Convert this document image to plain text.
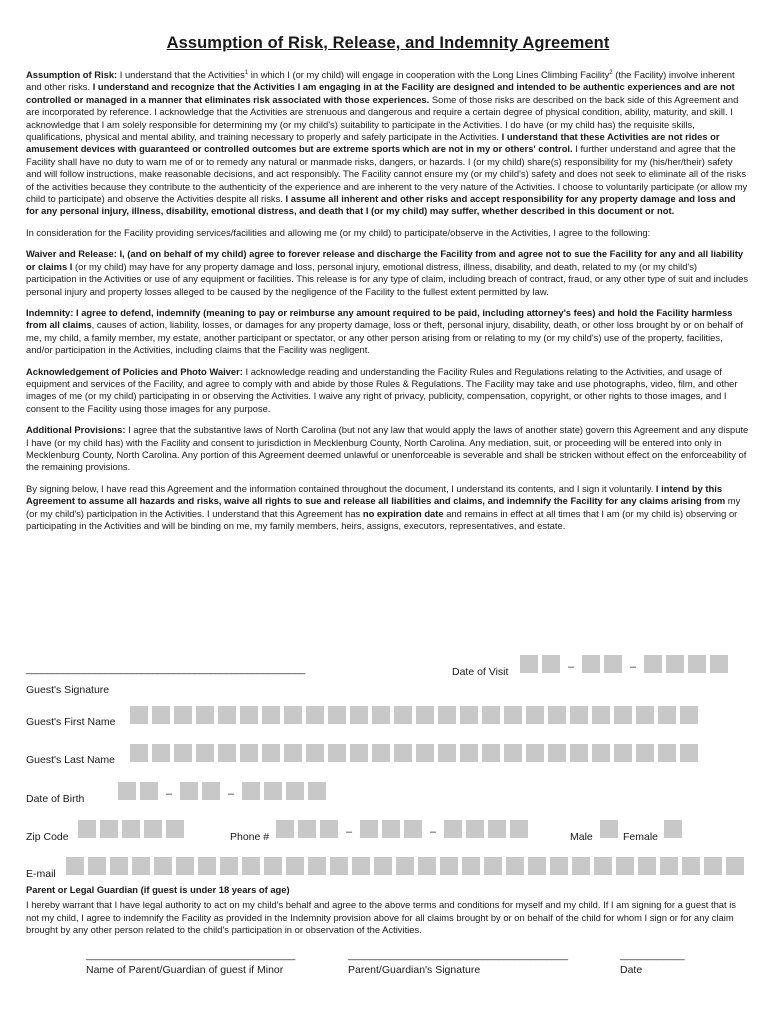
Assumption of Risk, Release, and Indemnity Agreement

Assumption of Risk: I understand that the Activities$^1$ in which I (or my child) will engage in cooperation with the Long Lines Climbing Facility$^2$ (the Facility) involve inherent and other risks. I understand and recognize that the Activities I am engaging in at the Facility are designed and intended to be authentic experiences and are not controlled or managed in a manner that eliminates risk associated with those experiences. Some of those risks are described on the back side of this Agreement and are incorporated by reference. I acknowledge that the Activities are strenuous and dangerous and require a certain degree of physical condition, ability, maturity, and skill. I acknowledge that I am solely responsible for determining my (or my child's) suitability to participate in the Activities. I do have (or my child has) the requisite skills, qualifications, physical and mental ability, and training necessary to properly and safely participate in the Activities. I understand that these Activities are not rides or amusement devices with guaranteed or controlled outcomes but are extreme sports which are not in my or others' control. I further understand and agree that the Facility shall have no duty to warn me of or to remedy any natural or manmade risks, dangers, or hazards. I (or my child) share(s) responsibility for my (his/her/their) safety and will follow instructions, make reasonable decisions, and act responsibly. The Facility cannot ensure my (or my child's) safety and does not seek to eliminate all of the risks of the activities because they contribute to the authenticity of the experience and are inherent to the very nature of the Activities. I choose to voluntarily participate (or allow my child to participate) and observe the Activities despite all risks. I assume all inherent and other risks and accept responsibility for any property damage and loss and for any personal injury, illness, disability, emotional distress, and death that I (or my child) may suffer, whether described in this document or not.

In consideration for the Facility providing services/facilities and allowing me (or my child) to participate/observe in the Activities, I agree to the following:

Waiver and Release: I, (and on behalf of my child) agree to forever release and discharge the Facility from and agree not to sue the Facility for any and all liability or claims I (or my child) may have for any property damage and loss, personal injury, emotional distress, illness, disability, and death, related to my (or my child's) participation in the Activities or use of any equipment or facilities. This release is for any type of claim, including breach of contract, fraud, or any other type of suit and includes personal injury and property losses alleged to be caused by the negligence of the Facility to the fullest extent permitted by law.

Indemnity: I agree to defend, indemnify (meaning to pay or reimburse any amount required to be paid, including attorney's fees) and hold the Facility harmless from all claims, causes of action, liability, losses, or damages for any property damage, loss or theft, personal injury, disability, death, or other loss brought by or on behalf of me, my child, a family member, my estate, another participant or spectator, or any other person arising from or relating to my (or my child's) use of the property, facilities, and/or participation in the Activities, including claims that the Facility was negligent.

Acknowledgement of Policies and Photo Waiver: I acknowledge reading and understanding the Facility Rules and Regulations relating to the Activities, and usage of equipment and services of the Facility, and agree to comply with and abide by those Rules & Regulations. The Facility may take and use photographs, video, film, and other images of me (or my child) participating in or observing the Activities. I waive any right of privacy, publicity, compensation, copyright, or other rights to those images, and I consent to the Facility using those images for any purpose.

Additional Provisions: I agree that the substantive laws of North Carolina (but not any law that would apply the laws of another state) govern this Agreement and any dispute I have (or my child has) with the Facility and consent to jurisdiction in Mecklenburg County, North Carolina. Any mediation, suit, or proceeding will be entered into only in Mecklenburg County, North Carolina. Any portion of this Agreement deemed unlawful or unenforceable is severable and shall be stricken without effect on the enforceability of the remaining provisions.

By signing below, I have read this Agreement and the information contained throughout the document, I understand its contents, and I sign it voluntarily. I intend by this Agreement to assume all hazards and risks, waive all rights to sue and release all liabilities and claims, and indemnify the Facility for any claims arising from my (or my child's) participation in the Activities. I understand that this Agreement has no expiration date and remains in effect at all times that I am (or my child is) observing or participating in the Activities and will be binding on me, my family members, heirs, assigns, executors, representatives, and estate.

_____________________________________________________
Guest's Signature
Date of Visit	–	–
Guest's First Name
Guest's Last Name
Date of Birth	–	–
Zip Code	Phone #	–	–	Male	Female
E-mail

Parent or Legal Guardian (if guest is under 18 years of age)

I hereby warrant that I have legal authority to act on my child's behalf and agree to the above terms and conditions for myself and my child. If I am signing for a guest that is not my child, I agree to indemnify the Facility as provided in the Indemnity provision above for all claims brought by or on behalf of the child for whom I sign or for any claim brought by any other person related to the child's participation in or observation of the Activities.

_______________________________________	_________________________________________	____________
Name of Parent/Guardian of guest if Minor	Parent/Guardian's Signature	Date
